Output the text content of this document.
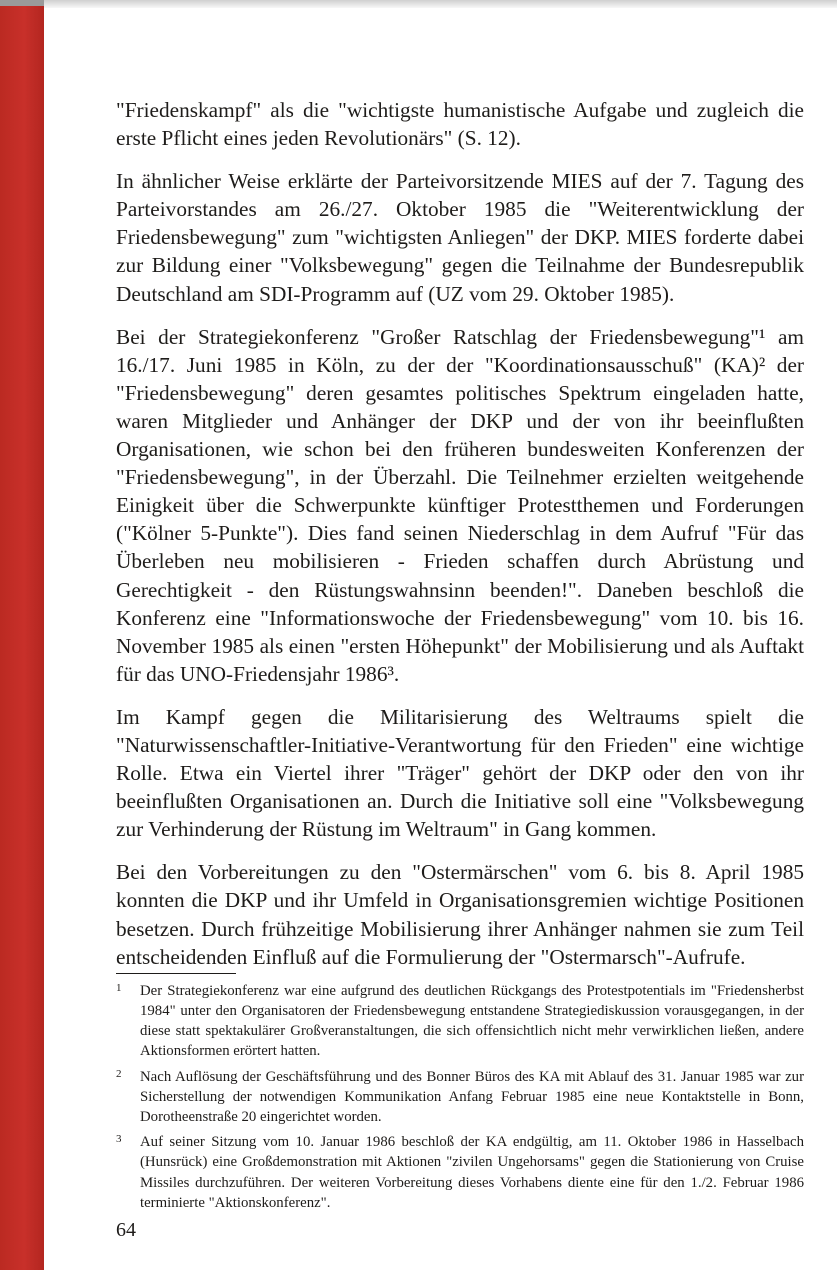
"Friedenskampf" als die "wichtigste humanistische Aufgabe und zugleich die erste Pflicht eines jeden Revolutionärs" (S. 12).

In ähnlicher Weise erklärte der Parteivorsitzende MIES auf der 7. Tagung des Parteivorstandes am 26./27. Oktober 1985 die "Weiterentwicklung der Friedensbewegung" zum "wichtigsten Anliegen" der DKP. MIES forderte dabei zur Bildung einer "Volksbewegung" gegen die Teilnahme der Bundesrepublik Deutschland am SDI-Programm auf (UZ vom 29. Oktober 1985).

Bei der Strategiekonferenz "Großer Ratschlag der Friedensbewegung"¹ am 16./17. Juni 1985 in Köln, zu der der "Koordinationsausschuß" (KA)² der "Friedensbewegung" deren gesamtes politisches Spektrum eingeladen hatte, waren Mitglieder und Anhänger der DKP und der von ihr beeinflußten Organisationen, wie schon bei den früheren bundesweiten Konferenzen der "Friedensbewegung", in der Überzahl. Die Teilnehmer erzielten weitgehende Einigkeit über die Schwerpunkte künftiger Protestthemen und Forderungen ("Kölner 5-Punkte"). Dies fand seinen Niederschlag in dem Aufruf "Für das Überleben neu mobilisieren - Frieden schaffen durch Abrüstung und Gerechtigkeit - den Rüstungswahnsinn beenden!". Daneben beschloß die Konferenz eine "Informationswoche der Friedensbewegung" vom 10. bis 16. November 1985 als einen "ersten Höhepunkt" der Mobilisierung und als Auftakt für das UNO-Friedensjahr 1986³.

Im Kampf gegen die Militarisierung des Weltraums spielt die "Naturwissenschaftler-Initiative-Verantwortung für den Frieden" eine wichtige Rolle. Etwa ein Viertel ihrer "Träger" gehört der DKP oder den von ihr beeinflußten Organisationen an. Durch die Initiative soll eine "Volksbewegung zur Verhinderung der Rüstung im Weltraum" in Gang kommen.

Bei den Vorbereitungen zu den "Ostermärschen" vom 6. bis 8. April 1985 konnten die DKP und ihr Umfeld in Organisationsgremien wichtige Positionen besetzen. Durch frühzeitige Mobilisierung ihrer Anhänger nahmen sie zum Teil entscheidenden Einfluß auf die Formulierung der "Ostermarsch"-Aufrufe.

1 Der Strategiekonferenz war eine aufgrund des deutlichen Rückgangs des Protestpotentials im "Friedensherbst 1984" unter den Organisatoren der Friedensbewegung entstandene Strategiediskussion vorausgegangen, in der diese statt spektakulärer Großveranstaltungen, die sich offensichtlich nicht mehr verwirklichen ließen, andere Aktionsformen erörtert hatten.

2 Nach Auflösung der Geschäftsführung und des Bonner Büros des KA mit Ablauf des 31. Januar 1985 war zur Sicherstellung der notwendigen Kommunikation Anfang Februar 1985 eine neue Kontaktstelle in Bonn, Dorotheenstraße 20 eingerichtet worden.

3 Auf seiner Sitzung vom 10. Januar 1986 beschloß der KA endgültig, am 11. Oktober 1986 in Hasselbach (Hunsrück) eine Großdemonstration mit Aktionen "zivilen Ungehorsams" gegen die Stationierung von Cruise Missiles durchzuführen. Der weiteren Vorbereitung dieses Vorhabens diente eine für den 1./2. Februar 1986 terminierte "Aktionskonferenz".

64
